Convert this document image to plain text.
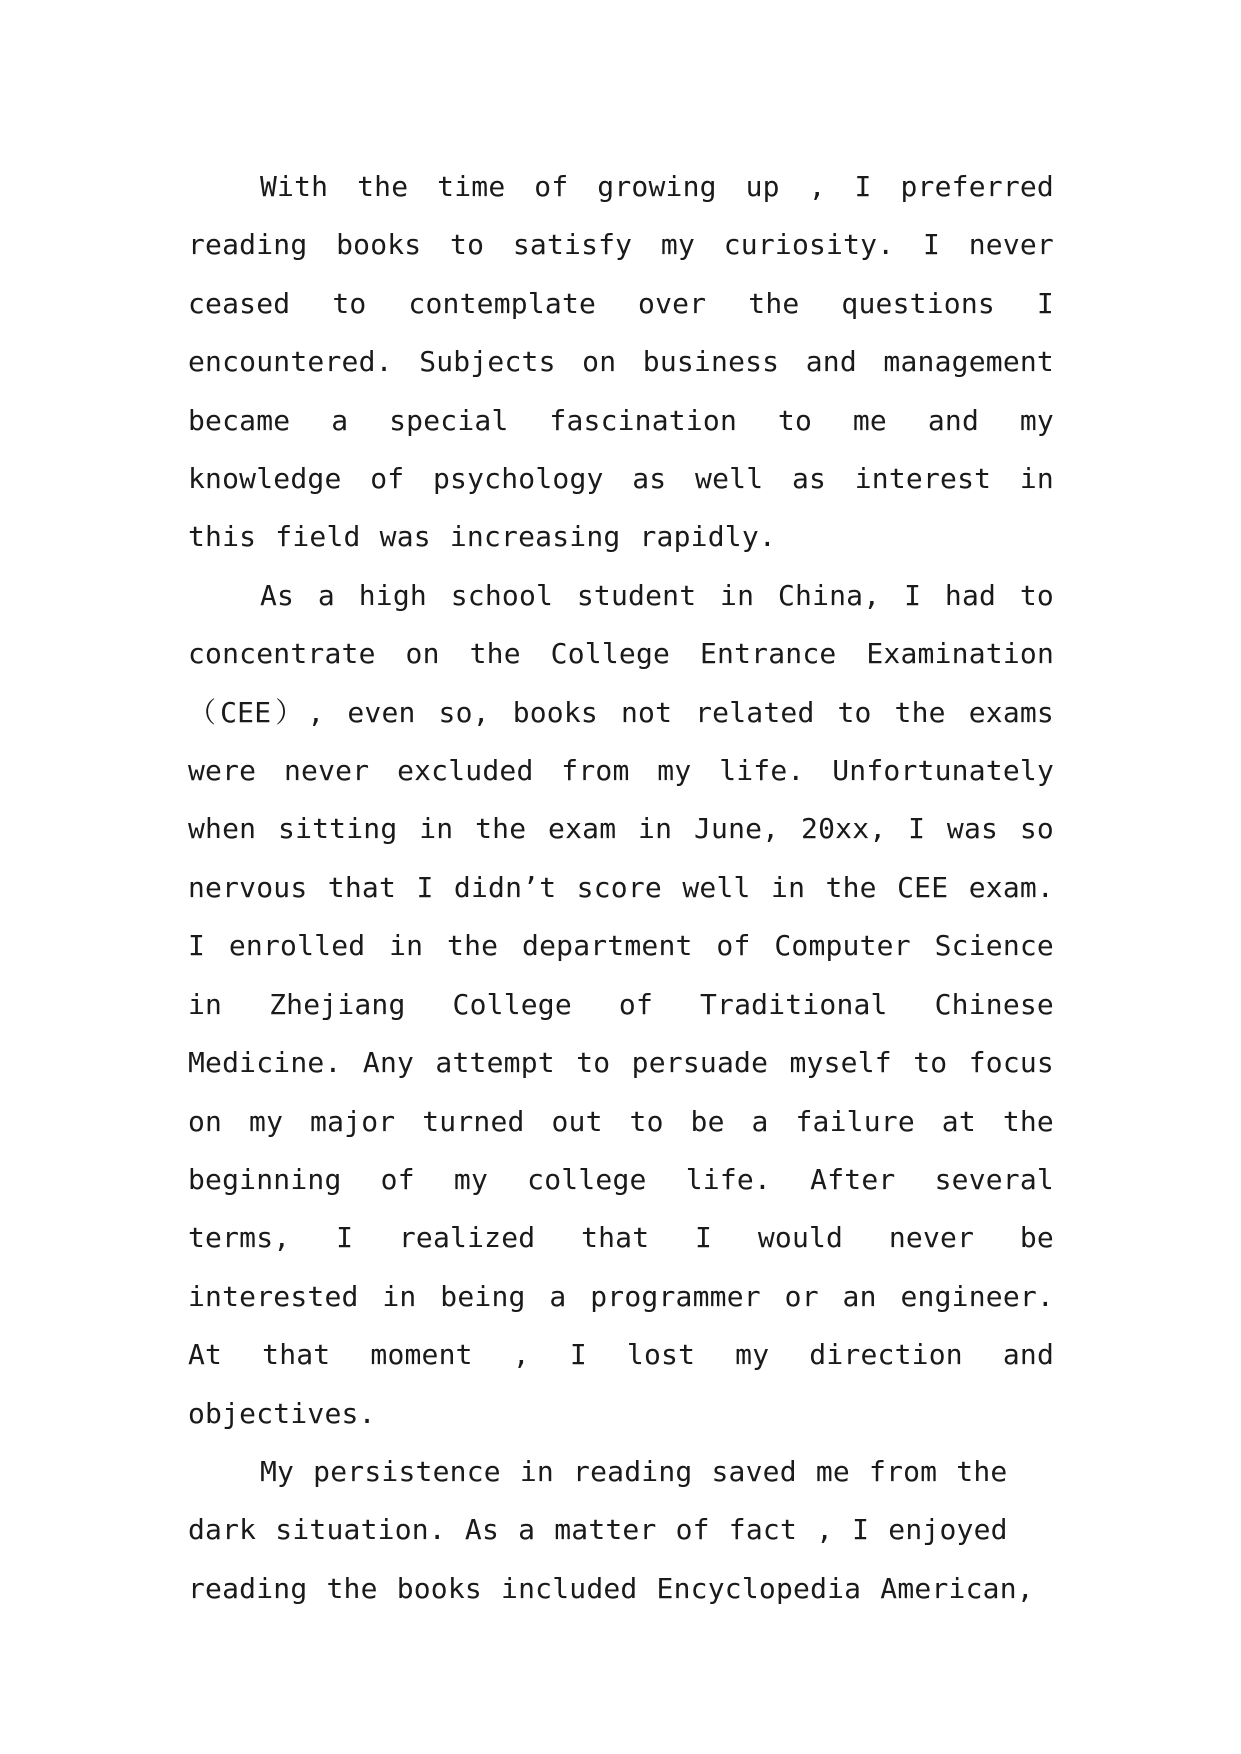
With the time of growing up , I preferred reading books to satisfy my curiosity. I never ceased to contemplate over the questions I encountered. Subjects on business and management became a special fascination to me and my knowledge of psychology as well as interest in this field was increasing rapidly.

As a high school student in China, I had to concentrate on the College Entrance Examination （CEE）, even so, books not related to the exams were never excluded from my life. Unfortunately when sitting in the exam in June, 20xx, I was so nervous that I didn’t score well in the CEE exam. I enrolled in the department of Computer Science in Zhejiang College of Traditional Chinese Medicine. Any attempt to persuade myself to focus on my major turned out to be a failure at the beginning of my college life. After several terms, I realized that I would never be interested in being a programmer or an engineer. At that moment , I lost my direction and objectives.

My persistence in reading saved me from the dark situation. As a matter of fact , I enjoyed reading the books included Encyclopedia American,
